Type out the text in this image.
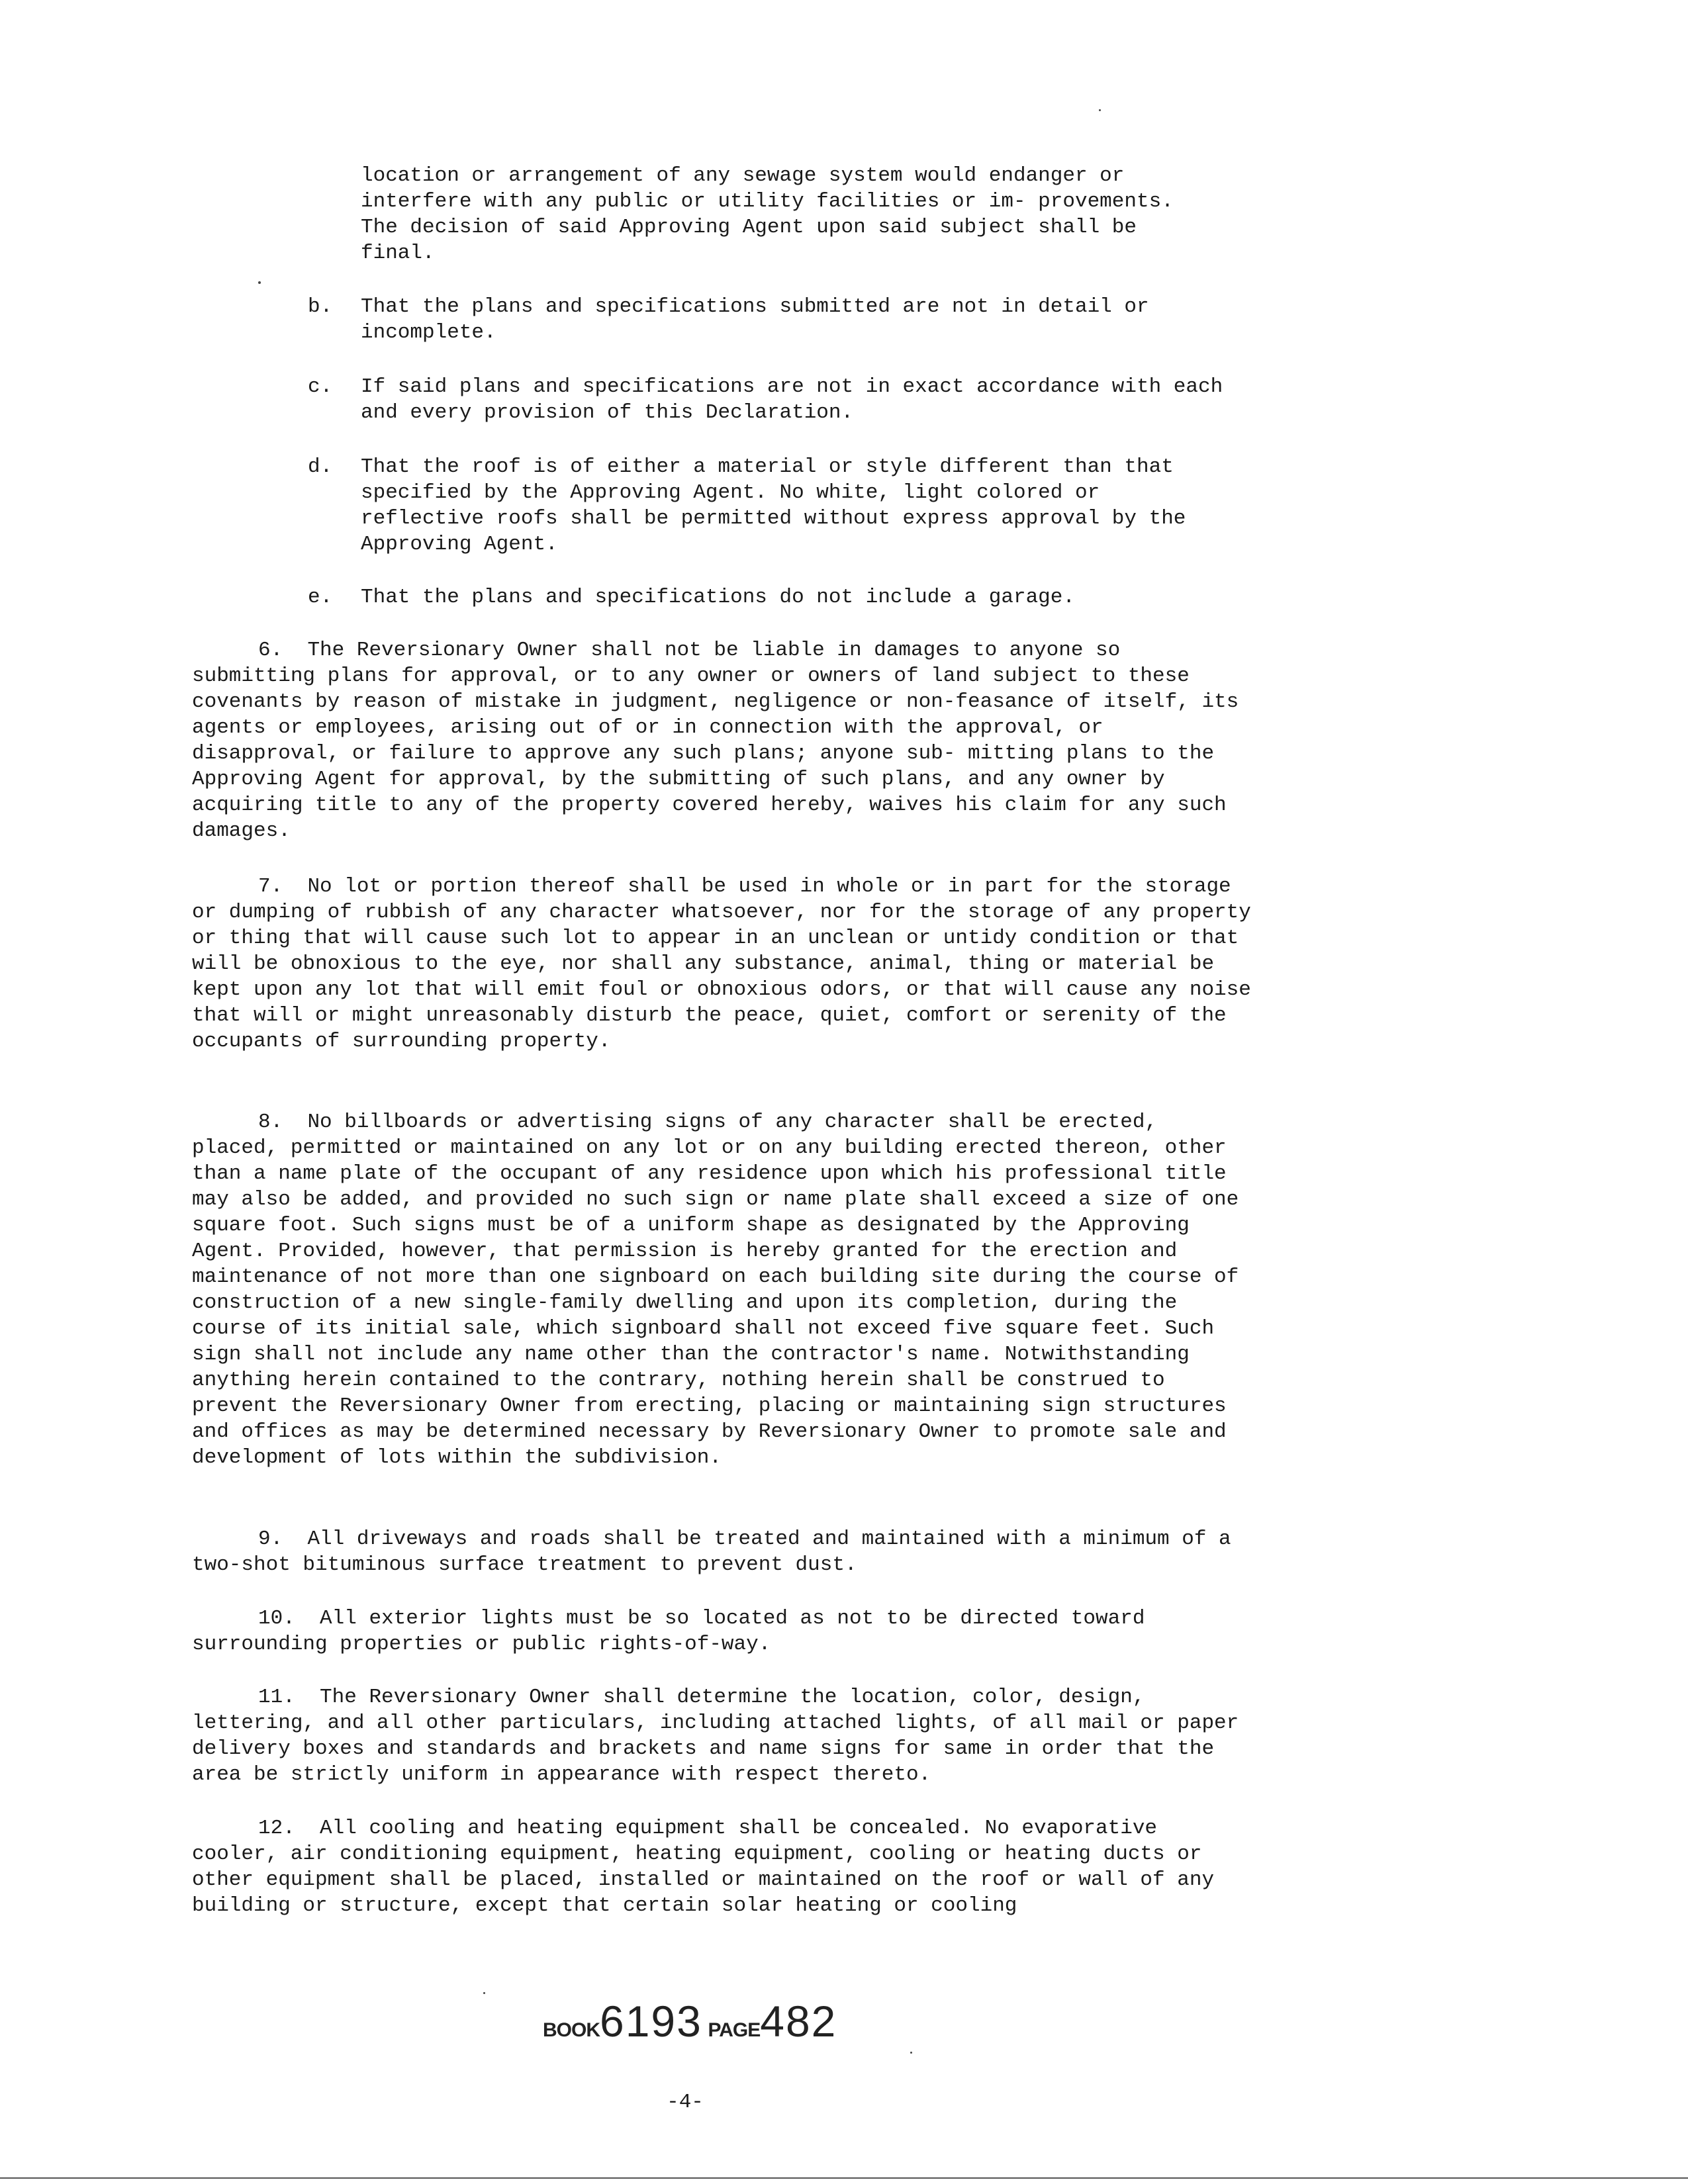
location or arrangement of any sewage system would endanger or interfere with any public or utility facilities or im- provements. The decision of said Approving Agent upon said subject shall be final.

b.	That the plans and specifications submitted are not in detail or incomplete.
c.	If said plans and specifications are not in exact accordance with each and every provision of this Declaration.
d.	That the roof is of either a material or style different than that specified by the Approving Agent. No white, light colored or reflective roofs shall be permitted without express approval by the Approving Agent.
e.	That the plans and specifications do not include a garage.

6. The Reversionary Owner shall not be liable in damages to anyone so submitting plans for approval, or to any owner or owners of land subject to these covenants by reason of mistake in judgment, negligence or non-feasance of itself, its agents or employees, arising out of or in connection with the approval, or disapproval, or failure to approve any such plans; anyone sub- mitting plans to the Approving Agent for approval, by the submitting of such plans, and any owner by acquiring title to any of the property covered hereby, waives his claim for any such damages.

7. No lot or portion thereof shall be used in whole or in part for the storage or dumping of rubbish of any character whatsoever, nor for the storage of any property or thing that will cause such lot to appear in an unclean or untidy condition or that will be obnoxious to the eye, nor shall any substance, animal, thing or material be kept upon any lot that will emit foul or obnoxious odors, or that will cause any noise that will or might unreasonably disturb the peace, quiet, comfort or serenity of the occupants of surrounding property.

8. No billboards or advertising signs of any character shall be erected, placed, permitted or maintained on any lot or on any building erected thereon, other than a name plate of the occupant of any residence upon which his professional title may also be added, and provided no such sign or name plate shall exceed a size of one square foot. Such signs must be of a uniform shape as designated by the Approving Agent. Provided, however, that permission is hereby granted for the erection and maintenance of not more than one signboard on each building site during the course of construction of a new single-family dwelling and upon its completion, during the course of its initial sale, which signboard shall not exceed five square feet. Such sign shall not include any name other than the contractor's name. Notwithstanding anything herein contained to the contrary, nothing herein shall be construed to prevent the Reversionary Owner from erecting, placing or maintaining sign structures and offices as may be determined necessary by Reversionary Owner to promote sale and development of lots within the subdivision.

9. All driveways and roads shall be treated and maintained with a minimum of a two-shot bituminous surface treatment to prevent dust.

10. All exterior lights must be so located as not to be directed toward surrounding properties or public rights-of-way.

11. The Reversionary Owner shall determine the location, color, design, lettering, and all other particulars, including attached lights, of all mail or paper delivery boxes and standards and brackets and name signs for same in order that the area be strictly uniform in appearance with respect thereto.

12. All cooling and heating equipment shall be concealed. No evaporative cooler, air conditioning equipment, heating equipment, cooling or heating ducts or other equipment shall be placed, installed or maintained on the roof or wall of any building or structure, except that certain solar heating or cooling

BOOK6193 PAGE482
-4-
